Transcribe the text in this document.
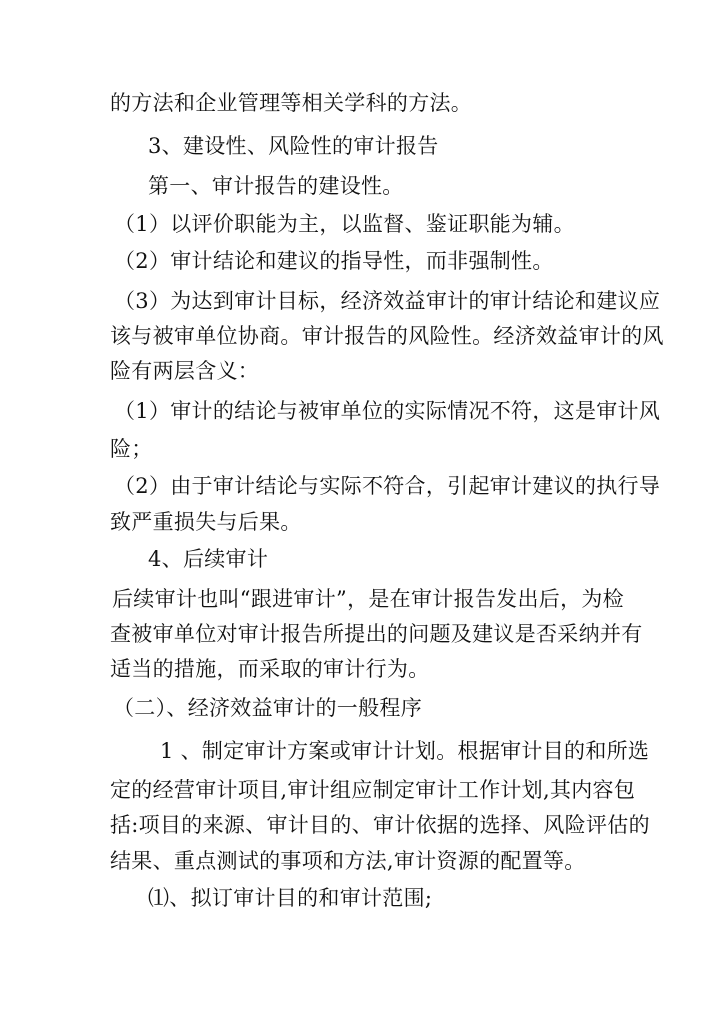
的方法和企业管理等相关学科的方法。
3、建设性、风险性的审计报告
第一、审计报告的建设性。
（1）以评价职能为主，以监督、鉴证职能为辅。
（2）审计结论和建议的指导性，而非强制性。
（3）为达到审计目标，经济效益审计的审计结论和建议应
该与被审单位协商。审计报告的风险性。经济效益审计的风
险有两层含义：
（1）审计的结论与被审单位的实际情况不符，这是审计风
险；
（2）由于审计结论与实际不符合，引起审计建议的执行导
致严重损失与后果。
4、后续审计
后续审计也叫“跟进审计”，是在审计报告发出后，为检
查被审单位对审计报告所提出的问题及建议是否采纳并有
适当的措施，而采取的审计行为。
（二）、经济效益审计的一般程序
1 、制定审计方案或审计计划。根据审计目的和所选
定的经营审计项目,审计组应制定审计工作计划,其内容包
括:项目的来源、审计目的、审计依据的选择、风险评估的
结果、重点测试的事项和方法,审计资源的配置等。
⑴、拟订审计目的和审计范围;
